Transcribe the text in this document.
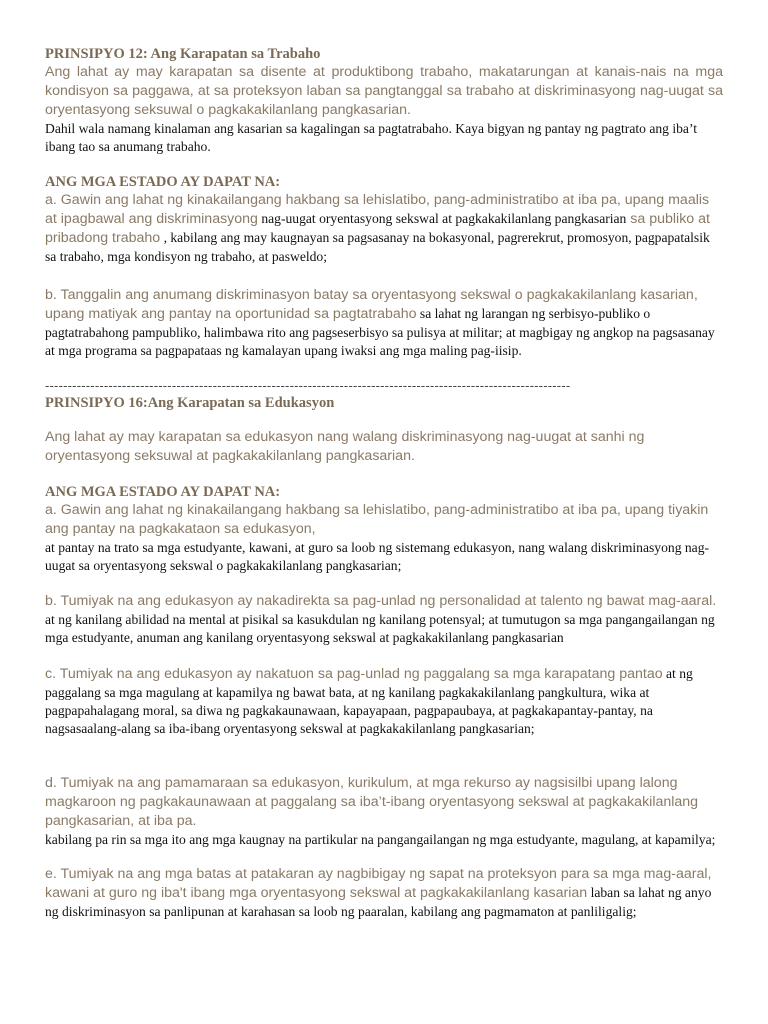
PRINSIPYO 12: Ang Karapatan sa Trabaho

Ang lahat ay may karapatan sa disente at produktibong trabaho, makatarungan at kanais-nais na mga kondisyon sa paggawa, at sa proteksyon laban sa pangtanggal sa trabaho at diskriminasyong nag-uugat sa oryentasyong seksuwal o pagkakakilanlang pangkasarian.

Dahil wala namang kinalaman ang kasarian sa kagalingan sa pagtatrabaho. Kaya bigyan ng pantay ng pagtrato ang iba’t ibang tao sa anumang trabaho.

ANG MGA ESTADO AY DAPAT NA:

a. Gawin ang lahat ng kinakailangang hakbang sa lehislatibo, pang-administratibo at iba pa, upang maalis at ipagbawal ang diskriminasyong nag-uugat oryentasyong sekswal at pagkakakilanlang pangkasarian sa publiko at pribadong trabaho , kabilang ang may kaugnayan sa pagsasanay na bokasyonal, pagrerekrut, promosyon, pagpapatalsik sa trabaho, mga kondisyon ng trabaho, at pasweldo;

b. Tanggalin ang anumang diskriminasyon batay sa oryentasyong sekswal o pagkakakilanlang kasarian, upang matiyak ang pantay na oportunidad sa pagtatrabaho sa lahat ng larangan ng serbisyo-publiko o pagtatrabahong pampubliko, halimbawa rito ang pagseserbisyo sa pulisya at militar; at magbigay ng angkop na pagsasanay at mga programa sa pagpapataas ng kamalayan upang iwaksi ang mga maling pag-iisip.

--------------------------------------------------------------------------------------------------------------------

PRINSIPYO 16:Ang Karapatan sa Edukasyon

Ang lahat ay may karapatan sa edukasyon nang walang diskriminasyong nag-uugat at sanhi ng oryentasyong seksuwal at pagkakakilanlang pangkasarian.

ANG MGA ESTADO AY DAPAT NA:

a. Gawin ang lahat ng kinakailangang hakbang sa lehislatibo, pang-administratibo at iba pa, upang tiyakin ang pantay na pagkakataon sa edukasyon,

at pantay na trato sa mga estudyante, kawani, at guro sa loob ng sistemang edukasyon, nang walang diskriminasyong nag-uugat sa oryentasyong sekswal o pagkakakilanlang pangkasarian;

b. Tumiyak na ang edukasyon ay nakadirekta sa pag-unlad ng personalidad at talento ng bawat mag-aaral. at ng kanilang abilidad na mental at pisikal sa kasukdulan ng kanilang potensyal; at tumutugon sa mga pangangailangan ng mga estudyante, anuman ang kanilang oryentasyong sekswal at pagkakakilanlang pangkasarian

c. Tumiyak na ang edukasyon ay nakatuon sa pag-unlad ng paggalang sa mga karapatang pantao at ng paggalang sa mga magulang at kapamilya ng bawat bata, at ng kanilang pagkakakilanlang pangkultura, wika at pagpapahalagang moral, sa diwa ng pagkakaunawaan, kapayapaan, pagpapaubaya, at pagkakapantay-pantay, na nagsasaalang-alang sa iba-ibang oryentasyong sekswal at pagkakakilanlang pangkasarian;

d. Tumiyak na ang pamamaraan sa edukasyon, kurikulum, at mga rekurso ay nagsisilbi upang lalong magkaroon ng pagkakaunawaan at paggalang sa iba’t-ibang oryentasyong sekswal at pagkakakilanlang pangkasarian, at iba pa.

kabilang pa rin sa mga ito ang mga kaugnay na partikular na pangangailangan ng mga estudyante, magulang, at kapamilya;

e. Tumiyak na ang mga batas at patakaran ay nagbibigay ng sapat na proteksyon para sa mga mag-aaral, kawani at guro ng iba't ibang mga oryentasyong sekswal at pagkakakilanlang kasarian laban sa lahat ng anyo ng diskriminasyon sa panlipunan at karahasan sa loob ng paaralan, kabilang ang pagmamaton at panliligalig;
